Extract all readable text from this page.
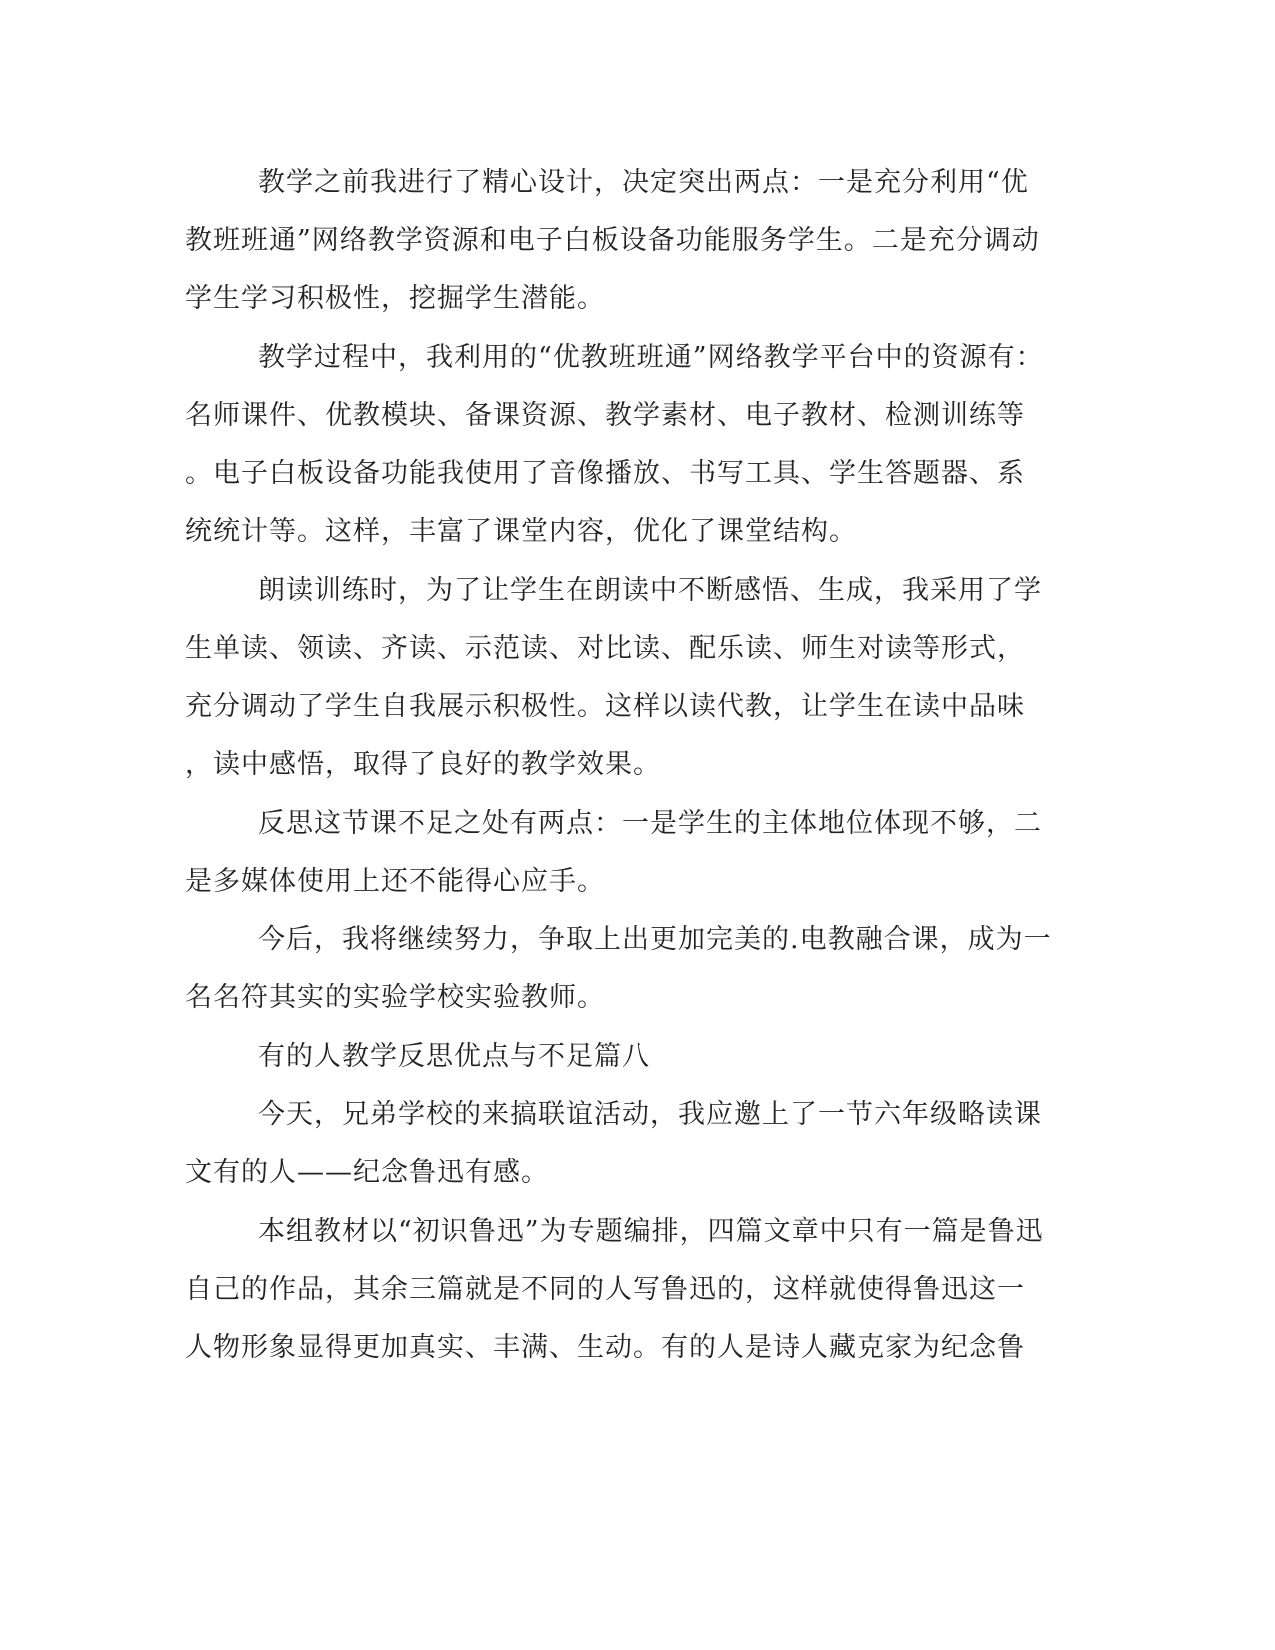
教学之前我进行了精心设计，决定突出两点：一是充分利用“优
教班班通”网络教学资源和电子白板设备功能服务学生。二是充分调动
学生学习积极性，挖掘学生潜能。
教学过程中，我利用的“优教班班通”网络教学平台中的资源有：
名师课件、优教模块、备课资源、教学素材、电子教材、检测训练等
。电子白板设备功能我使用了音像播放、书写工具、学生答题器、系
统统计等。这样，丰富了课堂内容，优化了课堂结构。
朗读训练时，为了让学生在朗读中不断感悟、生成，我采用了学
生单读、领读、齐读、示范读、对比读、配乐读、师生对读等形式，
充分调动了学生自我展示积极性。这样以读代教，让学生在读中品味
，读中感悟，取得了良好的教学效果。
反思这节课不足之处有两点：一是学生的主体地位体现不够，二
是多媒体使用上还不能得心应手。
今后，我将继续努力，争取上出更加完美的.电教融合课，成为一
名名符其实的实验学校实验教师。
有的人教学反思优点与不足篇八
今天，兄弟学校的来搞联谊活动，我应邀上了一节六年级略读课
文有的人——纪念鲁迅有感。
本组教材以“初识鲁迅”为专题编排，四篇文章中只有一篇是鲁迅
自己的作品，其余三篇就是不同的人写鲁迅的，这样就使得鲁迅这一
人物形象显得更加真实、丰满、生动。有的人是诗人藏克家为纪念鲁
